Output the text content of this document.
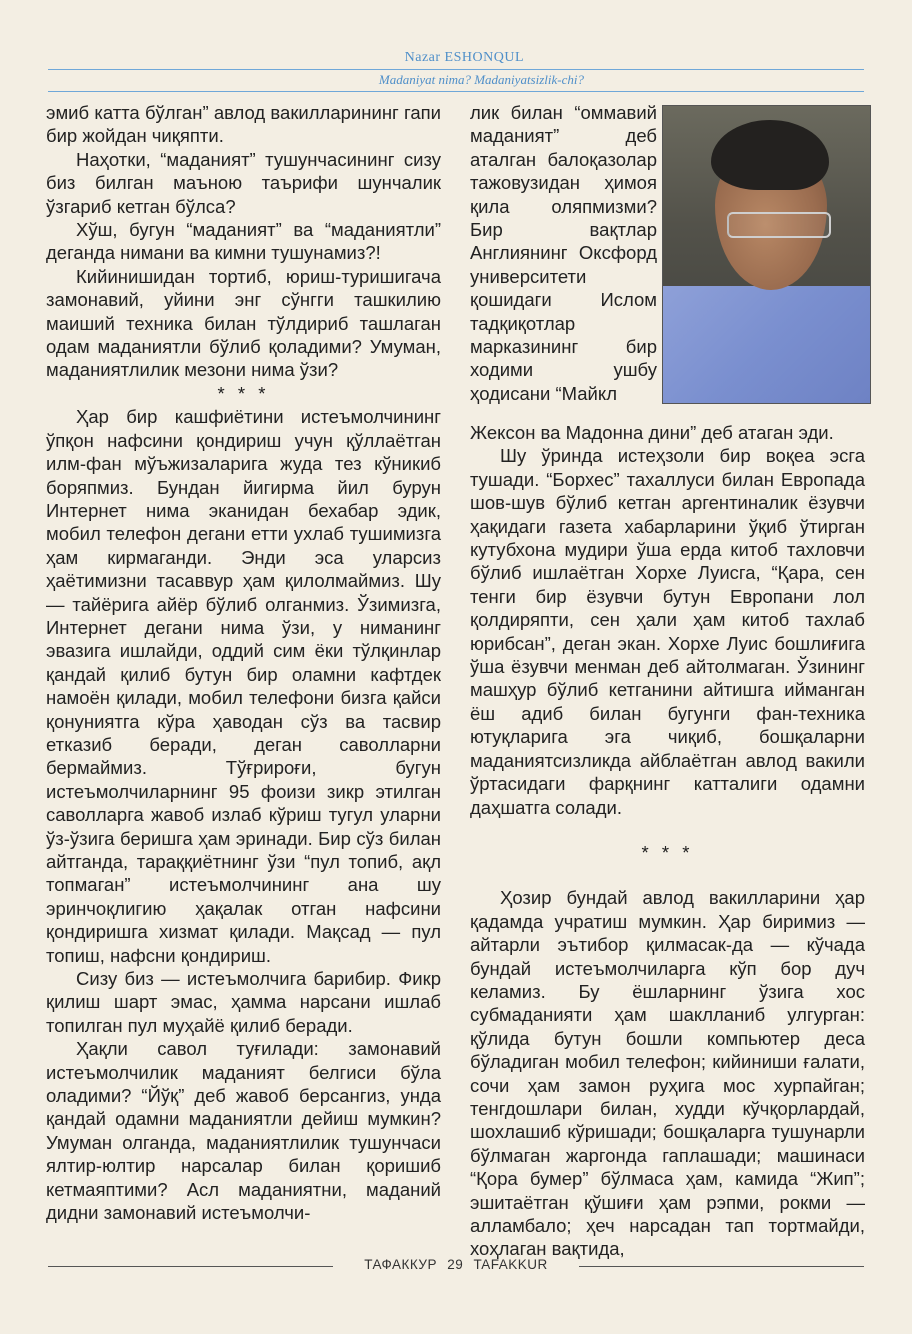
Nazar ESHONQUL
Madaniyat nima? Madaniyatsizlik-chi?

эмиб катта бўлган” авлод вакилларининг гапи бир жойдан чиқяпти.

Наҳотки, “маданият” тушунчасининг сизу биз билган маъною таърифи шунчалик ўзгариб кетган бўлса?

Хўш, бугун “маданият” ва “маданиятли” деганда нимани ва кимни тушунамиз?!

Кийинишидан тортиб, юриш-туришигача замонавий, уйини энг сўнгги ташкилию маиший техника билан тўлдириб ташлаган одам маданиятли бўлиб қоладими? Умуман, маданиятлилик мезони нима ўзи?

* * *

Ҳар бир кашфиётини истеъмолчининг ўпқон нафсини қондириш учун қўллаётган илм-фан мўъжизаларига жуда тез кўникиб боряпмиз. Бундан йигирма йил бурун Интернет нима эканидан бехабар эдик, мобил телефон дегани етти ухлаб тушимизга ҳам кирмаганди. Энди эса уларсиз ҳаётимизни тасаввур ҳам қилолмаймиз. Шу — тайёрига айёр бўлиб олганмиз. Ўзимизга, Интернет дегани нима ўзи, у ниманинг эвазига ишлайди, оддий сим ёки тўлқинлар қандай қилиб бутун бир оламни кафтдек намоён қилади, мобил телефони бизга қайси қонуниятга кўра ҳаводан сўз ва тасвир етказиб беради, деган саволларни бермаймиз. Тўғрироғи, бугун истеъмолчиларнинг 95 фоизи зикр этилган саволларга жавоб излаб кўриш тугул уларни ўз-ўзига беришга ҳам эринади. Бир сўз билан айтганда, тараққиётнинг ўзи “пул топиб, ақл топмаган” истеъмолчининг ана шу эринчоқлигию ҳақалак отган нафсини қондиришга хизмат қилади. Мақсад — пул топиш, нафсни қондириш.

Сизу биз — истеъмолчига барибир. Фикр қилиш шарт эмас, ҳамма нарсани ишлаб топилган пул муҳайё қилиб беради.

Ҳақли савол туғилади: замонавий истеъмолчилик маданият белгиси бўла оладими? “Йўқ” деб жавоб берсангиз, унда қандай одамни маданиятли дейиш мумкин? Умуман олганда, маданиятлилик тушунчаси ялтир-юлтир нарсалар билан қоришиб кетмаяптими? Асл маданиятни, маданий дидни замонавий истеъмолчи-

лик билан “оммавий маданият” деб аталган балоқазолар тажовузидан ҳимоя қила оляпмизми? Бир вақтлар Англиянинг Оксфорд университети қошидаги Ислом тадқиқотлар марказининг бир ходими ушбу ҳодисани “Майкл

Жексон ва Мадонна дини” деб атаган эди.

Шу ўринда истеҳзоли бир воқеа эсга тушади. “Борхес” тахаллуси билан Европада шов-шув бўлиб кетган аргентиналик ёзувчи ҳақидаги газета хабарларини ўқиб ўтирган кутубхона мудири ўша ерда китоб тахловчи бўлиб ишлаётган Хорхе Луисга, “Қара, сен тенги бир ёзувчи бутун Европани лол қолдиряпти, сен ҳали ҳам китоб тахлаб юрибсан”, деган экан. Хорхе Луис бошлиғига ўша ёзувчи менман деб айтолмаган. Ўзининг машҳур бўлиб кетганини айтишга ийманган ёш адиб билан бугунги фан-техника ютуқларига эга чиқиб, бошқаларни маданиятсизликда айблаётган авлод вакили ўртасидаги фарқнинг катталиги одамни даҳшатга солади.

* * *

Ҳозир бундай авлод вакилларини ҳар қадамда учратиш мумкин. Ҳар биримиз — айтарли эътибор қилмасак-да — кўчада бундай истеъмолчиларга кўп бор дуч келамиз. Бу ёшларнинг ўзига хос субмаданияти ҳам шаклланиб улгурган: қўлида бутун бошли компьютер деса бўладиган мобил телефон; кийиниши ғалати, сочи ҳам замон руҳига мос хурпайган; тенгдошлари билан, худди кўчқорлардай, шохлашиб кўришади; бошқаларга тушунарли бўлмаган жаргонда гаплашади; машинаси “Қора бумер” бўлмаса ҳам, камида “Жип”; эшитаётган қўшиғи ҳам рэпми, рокми — алламбало; ҳеч нарсадан тап тортмайди, хоҳлаган вақтида,

ТАФАККУР 29 TAFAKKUR
